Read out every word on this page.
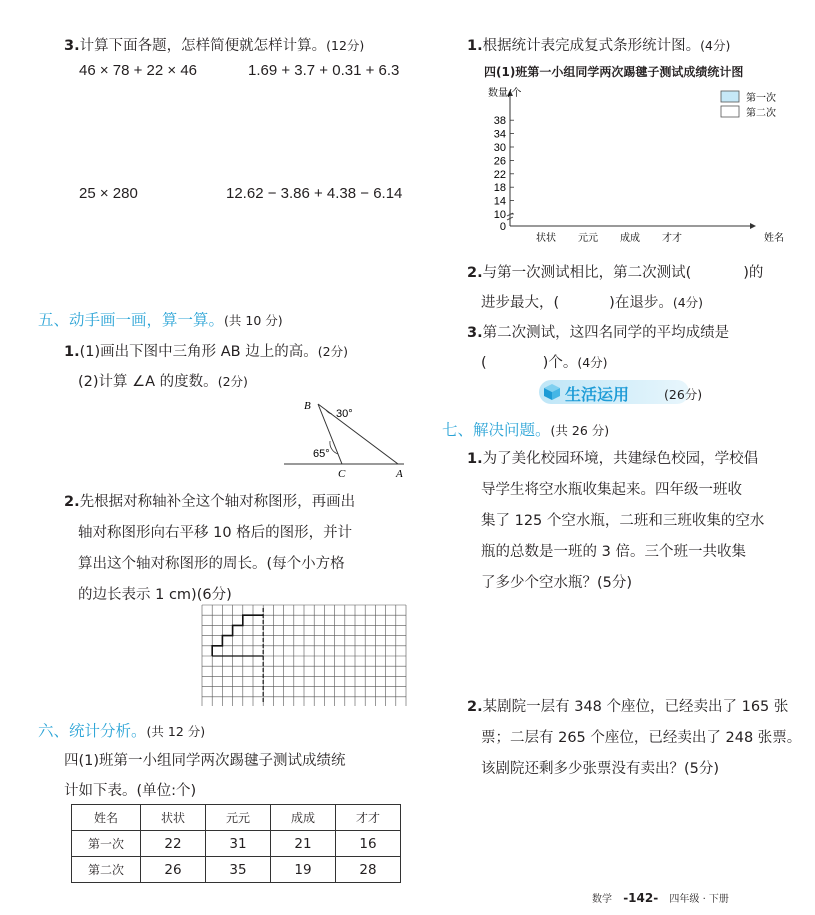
3.计算下面各题，怎样简便就怎样计算。(12分)
46 × 78 + 22 × 46	1.69 + 3.7 + 0.31 + 6.3
25 × 280	12.62 − 3.86 + 4.38 − 6.14
五、动手画一画，算一算。(共 10 分)
1.(1)画出下图中三角形 AB 边上的高。(2分)
(2)计算 ∠A 的度数。(2分)
B
30°
65°
C	A
2.先根据对称轴补全这个轴对称图形，再画出
轴对称图形向右平移 10 格后的图形，并计
算出这个轴对称图形的周长。(每个小方格
的边长表示 1 cm)(6分)
六、统计分析。(共 12 分)
四(1)班第一小组同学两次踢毽子测试成绩统
计如下表。(单位:个)
姓名	状状	元元	成成	才才
第一次	22	31	21	16
第二次	26	35	19	28
1.根据统计表完成复式条形统计图。(4分)
四(1)班第一小组同学两次踢毽子测试成绩统计图
数量/个
0
10
14
18
22
26
30
34
38
状状 元元 成成 才才	姓名
第一次
第二次
2.与第一次测试相比，第二次测试(	)的
进步最大，(	)在退步。(4分)
3.第二次测试，这四名同学的平均成绩是
(	)个。(4分)
生活运用	(26分)
七、解决问题。(共 26 分)
1.为了美化校园环境，共建绿色校园，学校倡
导学生将空水瓶收集起来。四年级一班收
集了 125 个空水瓶，二班和三班收集的空水
瓶的总数是一班的 3 倍。三个班一共收集
了多少个空水瓶？(5分)
2.某剧院一层有 348 个座位，已经卖出了 165 张
票；二层有 265 个座位，已经卖出了 248 张票。
该剧院还剩多少张票没有卖出？(5分)
数学 -142- 四年级 · 下册
